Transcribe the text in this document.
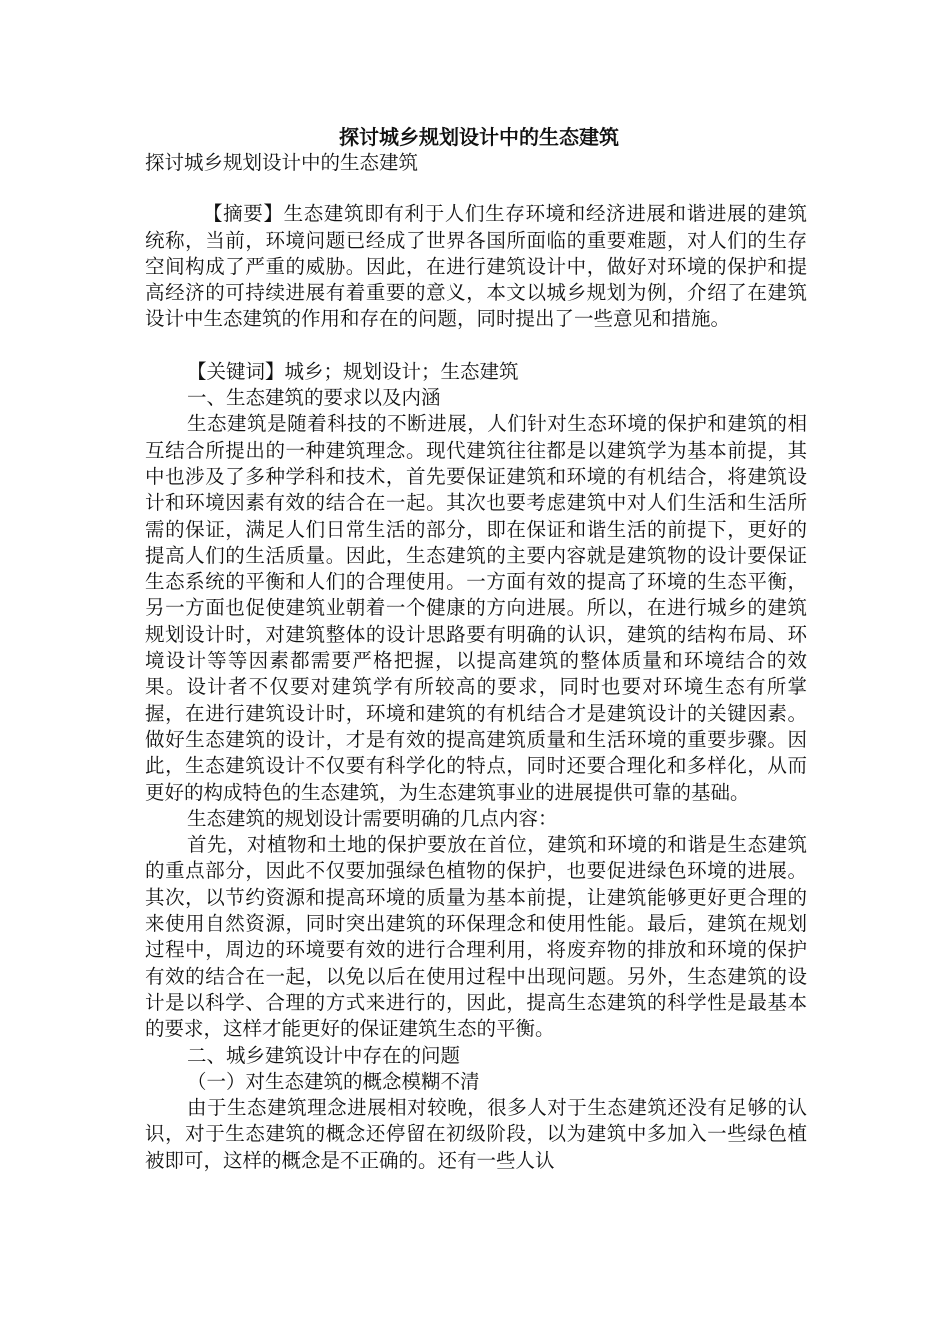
探讨城乡规划设计中的生态建筑

探讨城乡规划设计中的生态建筑

【摘要】生态建筑即有利于人们生存环境和经济进展和谐进展的建筑统称，当前，环境问题已经成了世界各国所面临的重要难题，对人们的生存空间构成了严重的威胁。因此，在进行建筑设计中，做好对环境的保护和提高经济的可持续进展有着重要的意义，本文以城乡规划为例，介绍了在建筑设计中生态建筑的作用和存在的问题，同时提出了一些意见和措施。

【关键词】城乡；规划设计；生态建筑

一、生态建筑的要求以及内涵

生态建筑是随着科技的不断进展，人们针对生态环境的保护和建筑的相互结合所提出的一种建筑理念。现代建筑往往都是以建筑学为基本前提，其中也涉及了多种学科和技术，首先要保证建筑和环境的有机结合，将建筑设计和环境因素有效的结合在一起。其次也要考虑建筑中对人们生活和生活所需的保证，满足人们日常生活的部分，即在保证和谐生活的前提下，更好的提高人们的生活质量。因此，生态建筑的主要内容就是建筑物的设计要保证生态系统的平衡和人们的合理使用。一方面有效的提高了环境的生态平衡，另一方面也促使建筑业朝着一个健康的方向进展。所以，在进行城乡的建筑规划设计时，对建筑整体的设计思路要有明确的认识，建筑的结构布局、环境设计等等因素都需要严格把握，以提高建筑的整体质量和环境结合的效果。设计者不仅要对建筑学有所较高的要求，同时也要对环境生态有所掌握，在进行建筑设计时，环境和建筑的有机结合才是建筑设计的关键因素。做好生态建筑的设计，才是有效的提高建筑质量和生活环境的重要步骤。因此，生态建筑设计不仅要有科学化的特点，同时还要合理化和多样化，从而更好的构成特色的生态建筑，为生态建筑事业的进展提供可靠的基础。

生态建筑的规划设计需要明确的几点内容：

首先，对植物和土地的保护要放在首位，建筑和环境的和谐是生态建筑的重点部分，因此不仅要加强绿色植物的保护，也要促进绿色环境的进展。其次，以节约资源和提高环境的质量为基本前提，让建筑能够更好更合理的来使用自然资源，同时突出建筑的环保理念和使用性能。最后，建筑在规划过程中，周边的环境要有效的进行合理利用，将废弃物的排放和环境的保护有效的结合在一起，以免以后在使用过程中出现问题。另外，生态建筑的设计是以科学、合理的方式来进行的，因此，提高生态建筑的科学性是最基本的要求，这样才能更好的保证建筑生态的平衡。

二、城乡建筑设计中存在的问题

（一）对生态建筑的概念模糊不清

由于生态建筑理念进展相对较晚，很多人对于生态建筑还没有足够的认识，对于生态建筑的概念还停留在初级阶段，以为建筑中多加入一些绿色植被即可，这样的概念是不正确的。还有一些人认
